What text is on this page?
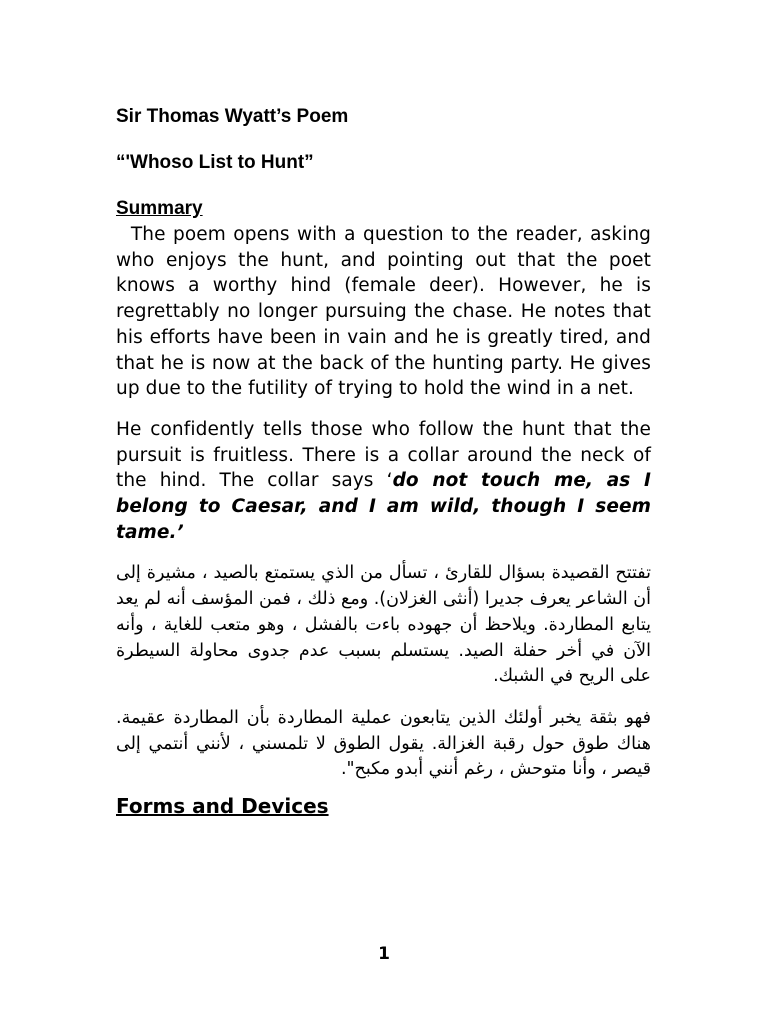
Sir Thomas Wyatt’s Poem

“'Whoso List to Hunt”

Summary

The poem opens with a question to the reader, asking who enjoys the hunt, and pointing out that the poet knows a worthy hind (female deer). However, he is regrettably no longer pursuing the chase. He notes that his efforts have been in vain and he is greatly tired, and that he is now at the back of the hunting party. He gives up due to the futility of trying to hold the wind in a net.

He confidently tells those who follow the hunt that the pursuit is fruitless. There is a collar around the neck of the hind. The collar says ‘do not touch me, as I belong to Caesar, and I am wild, though I seem tame.’

تفتتح القصيدة بسؤال للقارئ ، تسأل من الذي يستمتع بالصيد ، مشيرة إلى أن الشاعر يعرف جديرا (أنثى الغزلان). ومع ذلك ، فمن المؤسف أنه لم يعد يتابع المطاردة. ويلاحظ أن جهوده باءت بالفشل ، وهو متعب للغاية ، وأنه الآن في أخر حفلة الصيد. يستسلم بسبب عدم جدوى محاولة السيطرة على الريح في الشبك.

فهو بثقة يخبر أولئك الذين يتابعون عملية المطاردة بأن المطاردة عقيمة. هناك طوق حول رقبة الغزالة. يقول الطوق لا تلمسني ، لأنني أنتمي إلى قيصر ، وأنا متوحش ، رغم أنني أبدو مكبح".

Forms and Devices

1
